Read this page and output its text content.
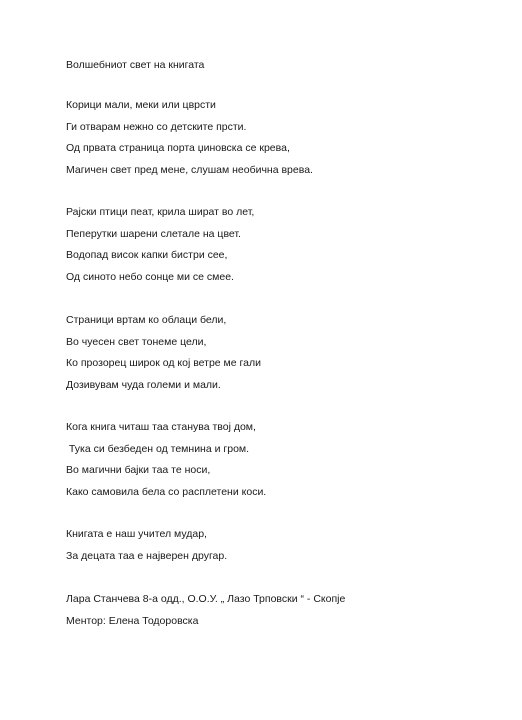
Волшебниот свет на книгата
Корици мали, меки или цврсти
Ги отварам нежно со детските прсти.
Од првата страница порта џиновска се крева,
Магичен свет пред мене, слушам необична врева.
Рајски птици пеат, крила шират во лет,
Пеперутки шарени слетале на цвет.
Водопад висок капки бистри сее,
Од синото небо сонце ми се смее.
Страници вртам ко облаци бели,
Во чуесен свет тонеме цели,
Ко прозорец широк од кој ветре ме гали
Дозивувам чуда големи и мали.
Кога книга читаш таа станува твој дом,
Тука си безбеден од темнина и гром.
Во магични бајки таа те носи,
Како самовила бела со расплетени коси.
Книгата е наш учител мудар,
За децата таа е најверен другар.
Лара Станчева 8-а одд., О.О.У. „ Лазо Трповски “ - Скопје
Ментор: Елена Тодоровска
